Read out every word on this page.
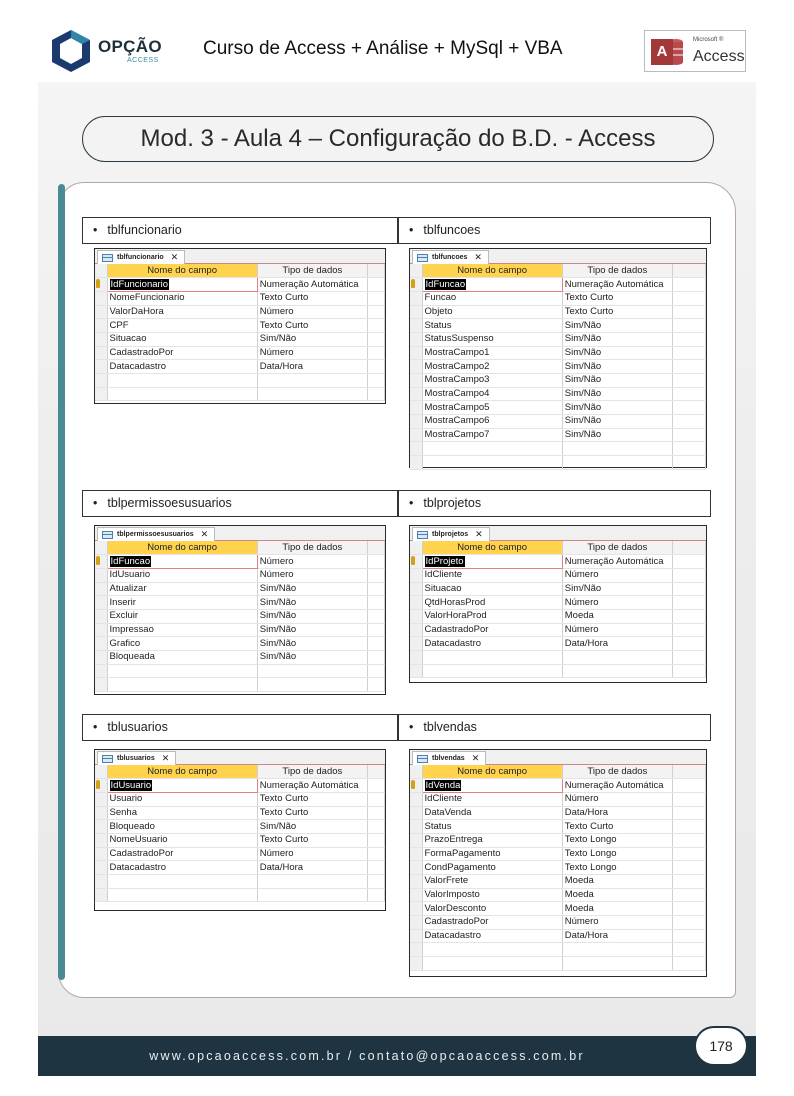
OPÇÃO
ACCESS
Curso de Access + Análise + MySql + VBA	A
Microsoft ®
Access
Mod. 3 - Aula 4 – Configuração do B.D. - Access
• tblfuncionario
tblfuncionario ✕
	Nome do campo	Tipo de dados	

	IdFuncionario	Numeração Automática	
	NomeFuncionario	Texto Curto	
	ValorDaHora	Número	
	CPF	Texto Curto	
	Situacao	Sim/Não	
	CadastradoPor	Número	
	Datacadastro	Data/Hora	

• tblfuncoes
tblfuncoes ✕
	Nome do campo	Tipo de dados	

	IdFuncao	Numeração Automática	
	Funcao	Texto Curto	
	Objeto	Texto Curto	
	Status	Sim/Não	
	StatusSuspenso	Sim/Não	
	MostraCampo1	Sim/Não	
	MostraCampo2	Sim/Não	
	MostraCampo3	Sim/Não	
	MostraCampo4	Sim/Não	
	MostraCampo5	Sim/Não	
	MostraCampo6	Sim/Não	
	MostraCampo7	Sim/Não	

• tblpermissoesusuarios
tblpermissoesusuarios ✕
	Nome do campo	Tipo de dados	

	IdFuncao	Número	
	IdUsuario	Número	
	Atualizar	Sim/Não	
	Inserir	Sim/Não	
	Excluir	Sim/Não	
	Impressao	Sim/Não	
	Grafico	Sim/Não	
	Bloqueada	Sim/Não	

• tblprojetos
tblprojetos ✕
	Nome do campo	Tipo de dados	

	IdProjeto	Numeração Automática	
	IdCliente	Número	
	Situacao	Sim/Não	
	QtdHorasProd	Número	
	ValorHoraProd	Moeda	
	CadastradoPor	Número	
	Datacadastro	Data/Hora	

• tblusuarios
tblusuarios ✕
	Nome do campo	Tipo de dados	

	IdUsuario	Numeração Automática	
	Usuario	Texto Curto	
	Senha	Texto Curto	
	Bloqueado	Sim/Não	
	NomeUsuario	Texto Curto	
	CadastradoPor	Número	
	Datacadastro	Data/Hora	

• tblvendas
tblvendas ✕
	Nome do campo	Tipo de dados	

	IdVenda	Numeração Automática	
	IdCliente	Número	
	DataVenda	Data/Hora	
	Status	Texto Curto	
	PrazoEntrega	Texto Longo	
	FormaPagamento	Texto Longo	
	CondPagamento	Texto Longo	
	ValorFrete	Moeda	
	ValorImposto	Moeda	
	ValorDesconto	Moeda	
	CadastradoPor	Número	
	Datacadastro	Data/Hora	

www.opcaoaccess.com.br / contato@opcaoaccess.com.br
178
